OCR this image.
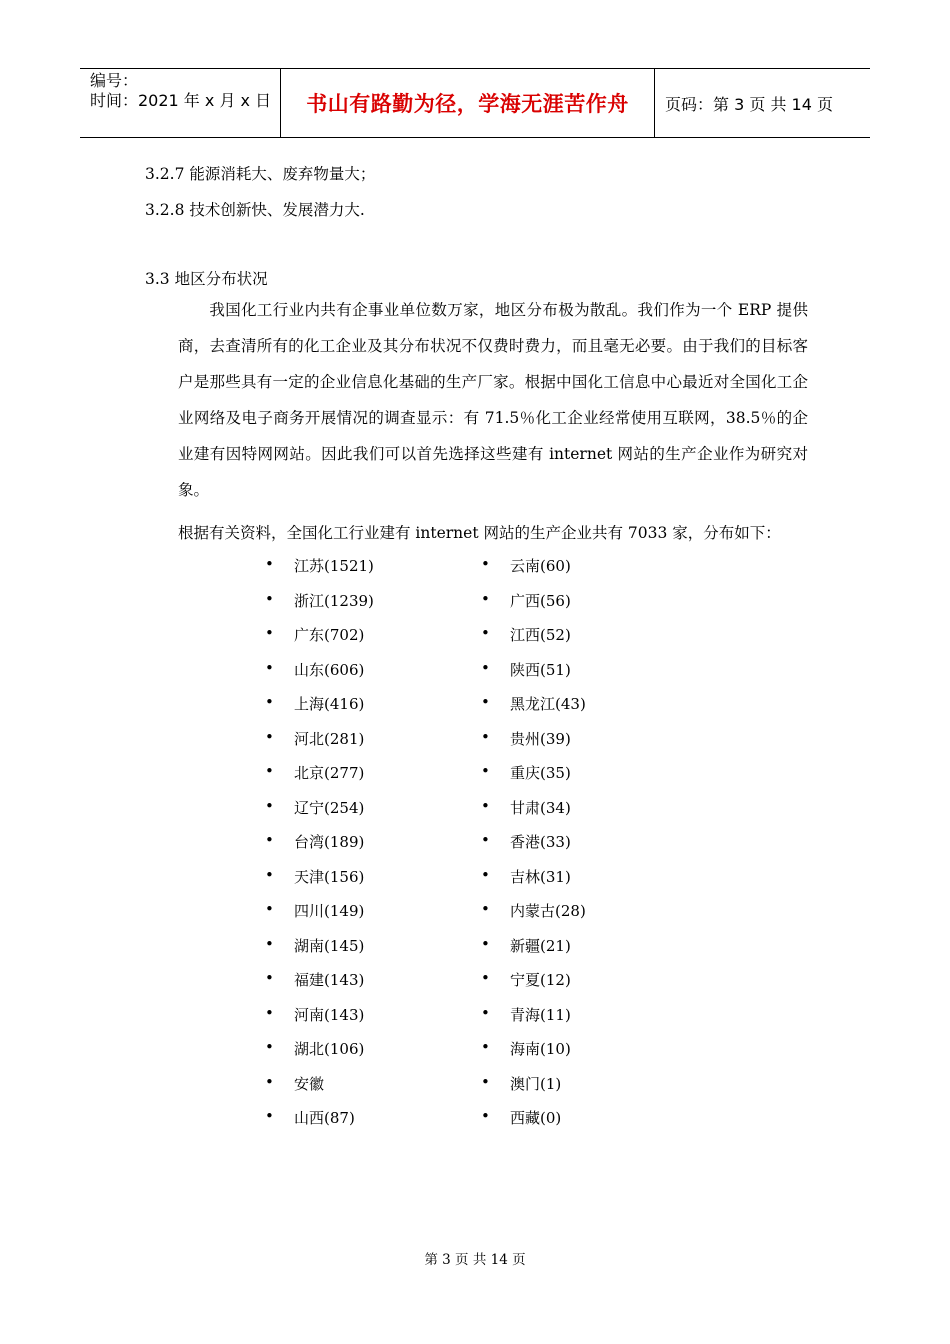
编号：
时间：2021 年 x 月 x 日	书山有路勤为径，学海无涯苦作舟 页码：第 3 页 共 14 页
3.2.7 能源消耗大、废弃物量大；
3.2.8 技术创新快、发展潜力大.
3.3 地区分布状况
我国化工行业内共有企事业单位数万家，地区分布极为散乱。我们作为一个 ERP 提供商，去查清所有的化工企业及其分布状况不仅费时费力，而且毫无必要。由于我们的目标客户是那些具有一定的企业信息化基础的生产厂家。根据中国化工信息中心最近对全国化工企业网络及电子商务开展情况的调查显示：有 71.5％化工企业经常使用互联网，38.5％的企业建有因特网网站。因此我们可以首先选择这些建有 internet 网站的生产企业作为研究对象。
根据有关资料，全国化工行业建有 internet 网站的生产企业共有 7033 家，分布如下：
• 江苏(1521)
• 浙江(1239)
• 广东(702)
• 山东(606)
• 上海(416)
• 河北(281)
• 北京(277)
• 辽宁(254)
• 台湾(189)
• 天津(156)
• 四川(149)
• 湖南(145)
• 福建(143)
• 河南(143)
• 湖北(106)
• 安徽
• 山西(87)
• 云南(60)
• 广西(56)
• 江西(52)
• 陕西(51)
• 黑龙江(43)
• 贵州(39)
• 重庆(35)
• 甘肃(34)
• 香港(33)
• 吉林(31)
• 内蒙古(28)
• 新疆(21)
• 宁夏(12)
• 青海(11)
• 海南(10)
• 澳门(1)
• 西藏(0)
第 3 页 共 14 页
